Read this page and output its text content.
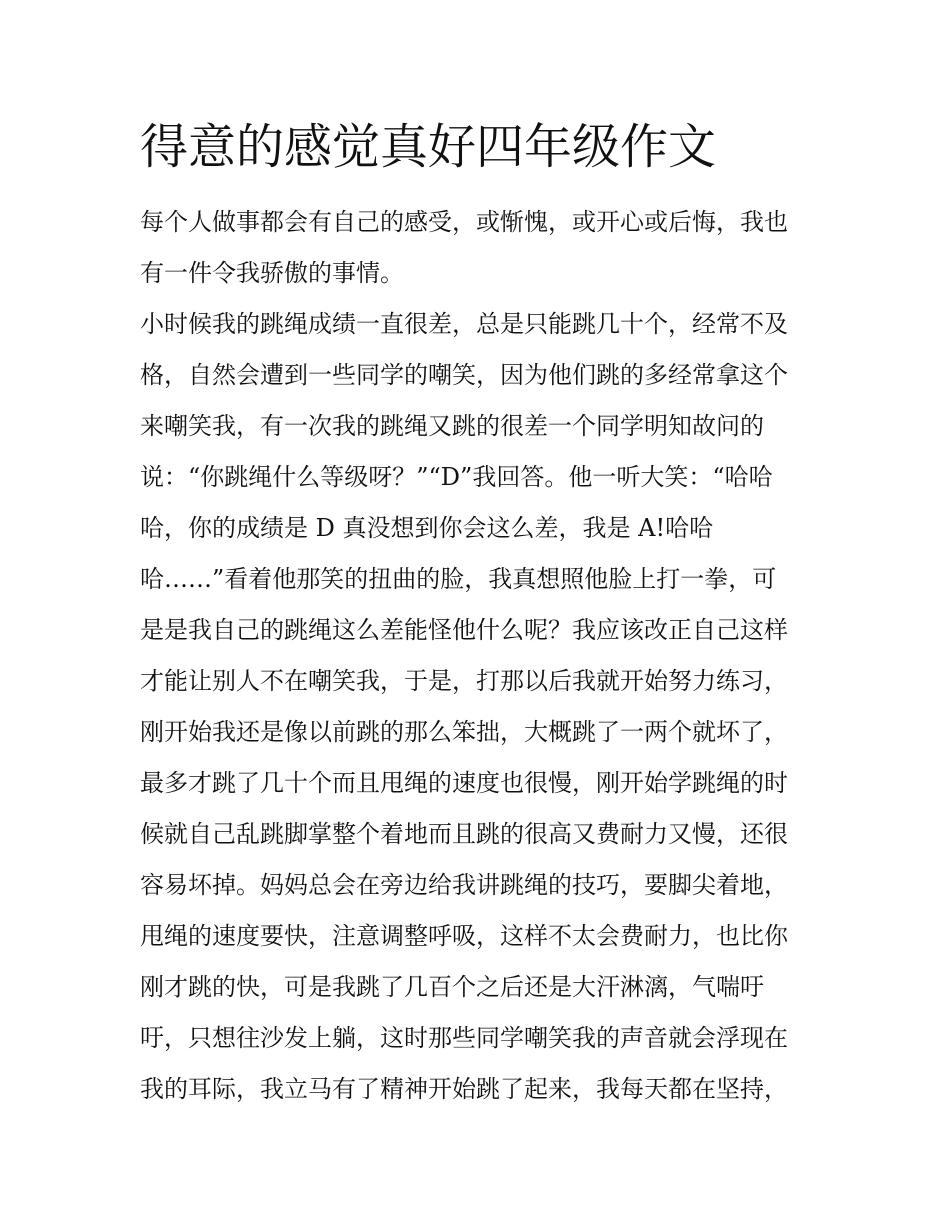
得意的感觉真好四年级作文
每个人做事都会有自己的感受，或惭愧，或开心或后悔，我也
有一件令我骄傲的事情。
小时候我的跳绳成绩一直很差，总是只能跳几十个，经常不及
格，自然会遭到一些同学的嘲笑，因为他们跳的多经常拿这个
来嘲笑我，有一次我的跳绳又跳的很差一个同学明知故问的
说：“你跳绳什么等级呀？”“D”我回答。他一听大笑：“哈哈
哈，你的成绩是 D 真没想到你会这么差，我是 A!哈哈
哈……”看着他那笑的扭曲的脸，我真想照他脸上打一拳，可
是是我自己的跳绳这么差能怪他什么呢？我应该改正自己这样
才能让别人不在嘲笑我，于是，打那以后我就开始努力练习，
刚开始我还是像以前跳的那么笨拙，大概跳了一两个就坏了，
最多才跳了几十个而且甩绳的速度也很慢，刚开始学跳绳的时
候就自己乱跳脚掌整个着地而且跳的很高又费耐力又慢，还很
容易坏掉。妈妈总会在旁边给我讲跳绳的技巧，要脚尖着地，
甩绳的速度要快，注意调整呼吸，这样不太会费耐力，也比你
刚才跳的快，可是我跳了几百个之后还是大汗淋漓，气喘吁
吁，只想往沙发上躺，这时那些同学嘲笑我的声音就会浮现在
我的耳际，我立马有了精神开始跳了起来，我每天都在坚持，
